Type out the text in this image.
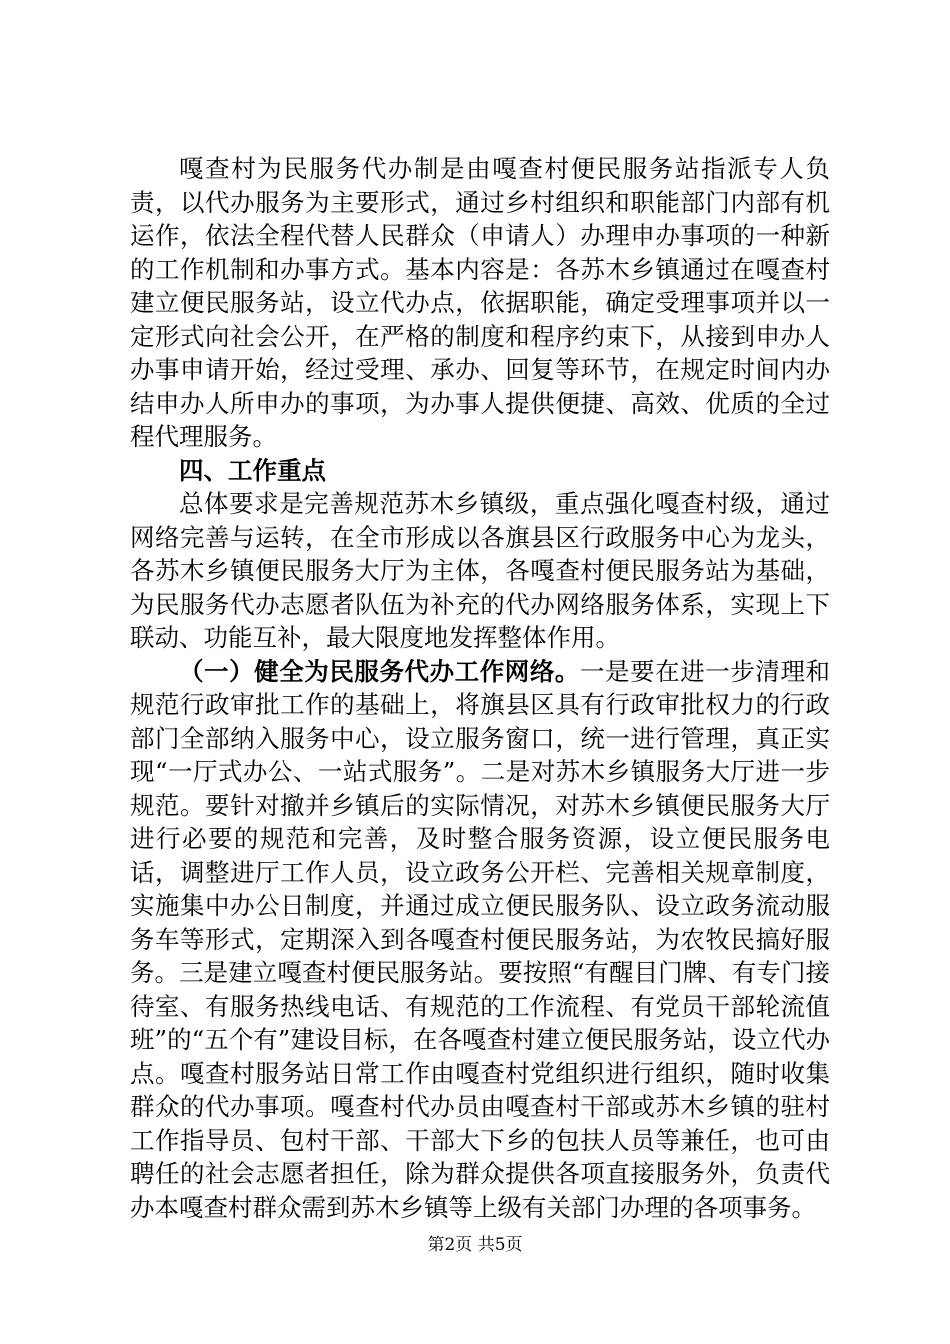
嘎查村为民服务代办制是由嘎查村便民服务站指派专人负责，以代办服务为主要形式，通过乡村组织和职能部门内部有机运作，依法全程代替人民群众（申请人）办理申办事项的一种新的工作机制和办事方式。基本内容是：各苏木乡镇通过在嘎查村建立便民服务站，设立代办点，依据职能，确定受理事项并以一定形式向社会公开，在严格的制度和程序约束下，从接到申办人办事申请开始，经过受理、承办、回复等环节，在规定时间内办结申办人所申办的事项，为办事人提供便捷、高效、优质的全过程代理服务。

四、工作重点

总体要求是完善规范苏木乡镇级，重点强化嘎查村级，通过网络完善与运转，在全市形成以各旗县区行政服务中心为龙头，各苏木乡镇便民服务大厅为主体，各嘎查村便民服务站为基础，为民服务代办志愿者队伍为补充的代办网络服务体系，实现上下联动、功能互补，最大限度地发挥整体作用。

（一）健全为民服务代办工作网络。一是要在进一步清理和规范行政审批工作的基础上，将旗县区具有行政审批权力的行政部门全部纳入服务中心，设立服务窗口，统一进行管理，真正实现“一厅式办公、一站式服务”。二是对苏木乡镇服务大厅进一步规范。要针对撤并乡镇后的实际情况，对苏木乡镇便民服务大厅进行必要的规范和完善，及时整合服务资源，设立便民服务电话，调整进厅工作人员，设立政务公开栏、完善相关规章制度，实施集中办公日制度，并通过成立便民服务队、设立政务流动服务车等形式，定期深入到各嘎查村便民服务站，为农牧民搞好服务。三是建立嘎查村便民服务站。要按照“有醒目门牌、有专门接待室、有服务热线电话、有规范的工作流程、有党员干部轮流值班”的“五个有”建设目标，在各嘎查村建立便民服务站，设立代办点。嘎查村服务站日常工作由嘎查村党组织进行组织，随时收集群众的代办事项。嘎查村代办员由嘎查村干部或苏木乡镇的驻村工作指导员、包村干部、干部大下乡的包扶人员等兼任，也可由聘任的社会志愿者担任，除为群众提供各项直接服务外，负责代办本嘎查村群众需到苏木乡镇等上级有关部门办理的各项事务。

第2页 共5页
